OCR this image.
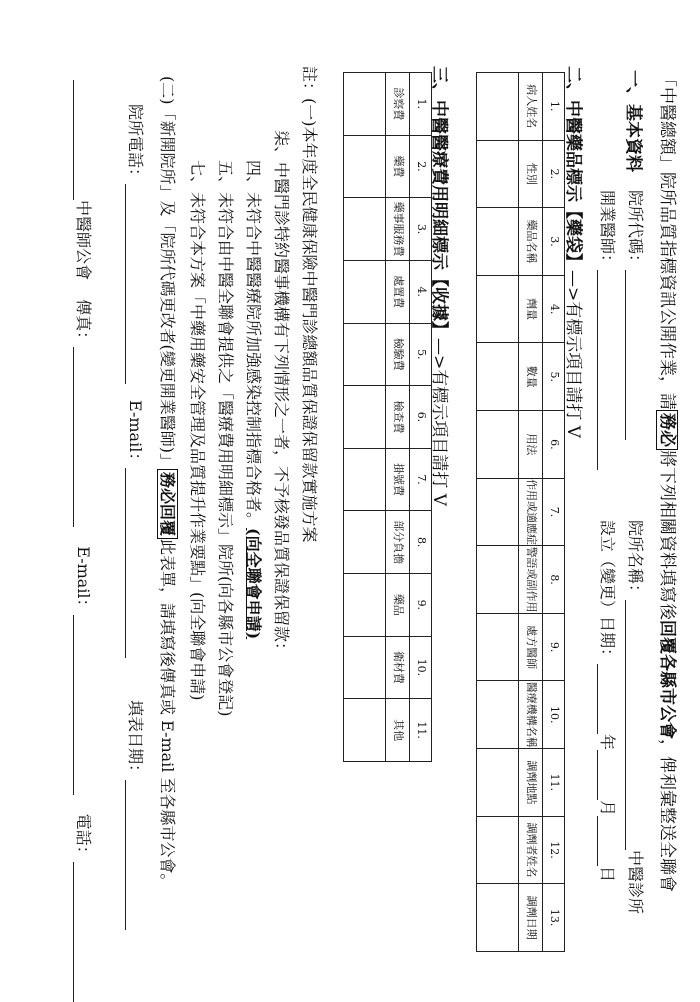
「中醫總額」院所品質指標資訊公開作業，請務必將下列相關資料填寫後回覆各縣市公會，俾利彙整送全聯會
一、基本資料
院所代碼：
院所名稱：中醫診所
開業醫師：
設立（變更）日期：年月日
二、中醫藥品標示【藥袋】—>有標示項目請打 V
1.	2.	3.	4.	5.	6.	7.	8.	9.	10.	11.	12.	13.
病人姓名	性別	藥品名稱	劑量	數量	用法	作用或適應症	警語或副作用	處方醫師	醫療機構名稱	調劑地點	調劑者姓名	調劑日期

三、中醫醫療費用明細標示【收據】—>有標示項目請打 V
1.	2.	3.	4.	5.	6.	7.	8.	9.	10.	11.
診察費	藥費	藥事服務費	處置費	檢驗費	檢查費	掛號費	部分負擔	藥品	衛材費	其他

註：(一)本年度全民健康保險中醫門診總額品質保證保留款實施方案
柒、中醫門診特約醫事機構有下列情形之一者，不予核發品質保證保留款：
四、未符合中醫醫療院所加強感染控制指標合格者。(向全聯會申請)
五、未符合由中醫全聯會提供之「醫療費用明細標示」院所(向各縣市公會登記)
七、未符合本方案「中藥用藥安全管理及品質提升作業要點」(向全聯會申請)
(二)「新開院所」及「院所代碼更改者(變更開業醫師)」務必回覆此表單，請填寫後傳真或 E-mail 至各縣市公會。
院所電話：
E-mail：
填表日期：
中醫師公會 傳真： E-mail： 電話：
